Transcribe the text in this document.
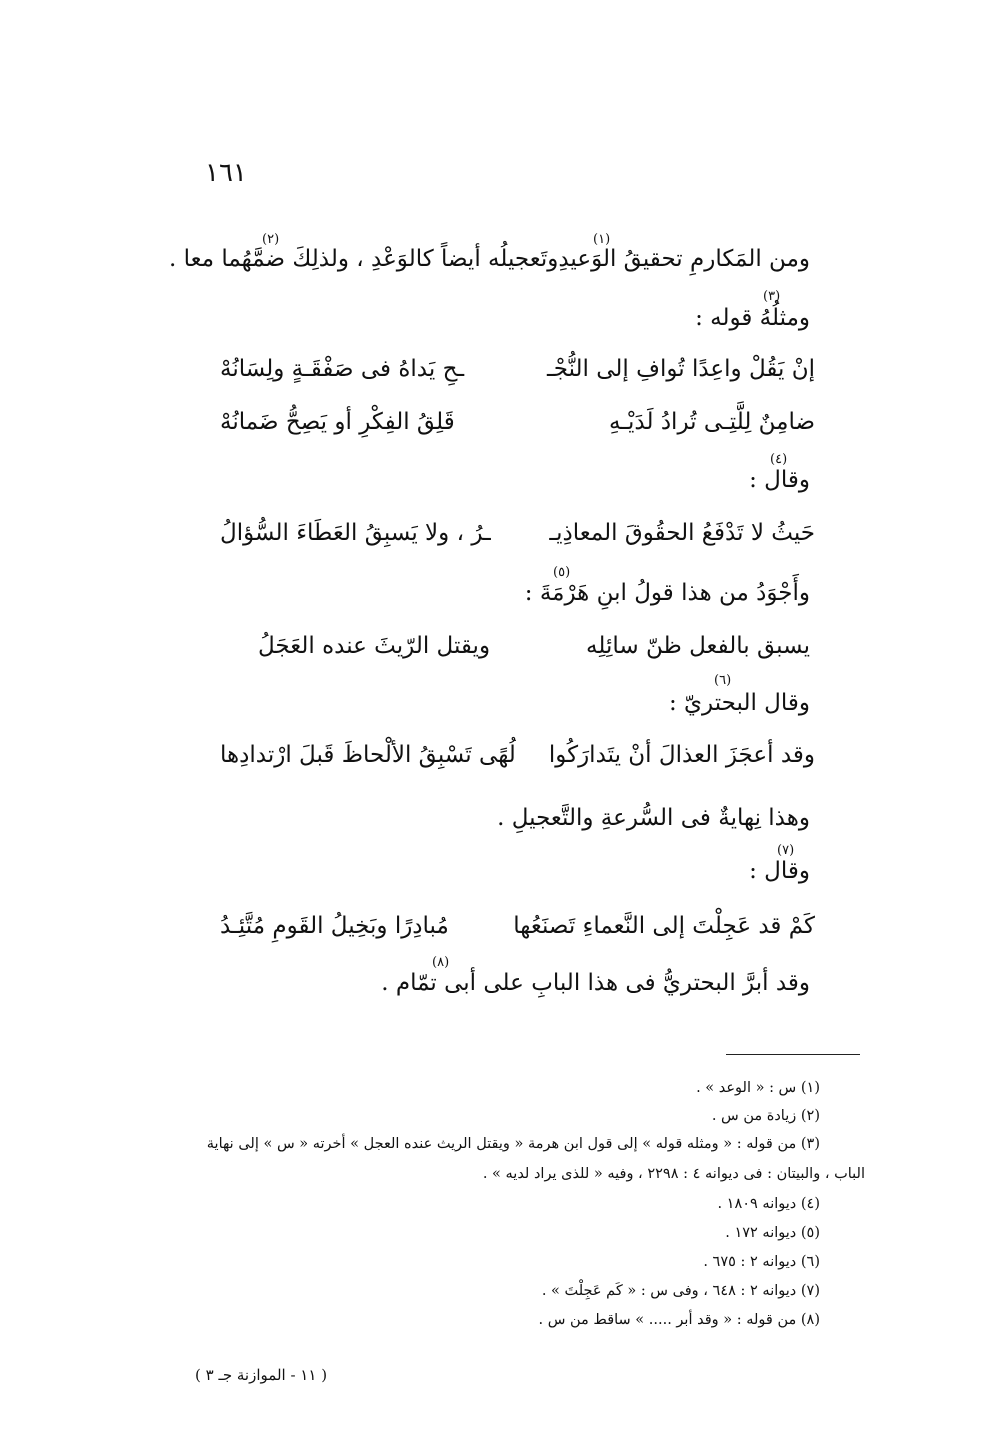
١٦١
(١)
(٢)
ومن المَكارمِ تحقيقُ الوَعيدِوتَعجيلُه أيضاً كالوَعْدِ ، ولذلِكَ ضمَّهُما معا .
(٣)
ومثلُهُ قوله :
إنْ يَقُلْ واعِدًا تُوافِ إلى النُّجْـ
ـحِ يَداهُ فى صَفْقَـةٍ ولِسَانُهْ
ضامِنٌ لِلَّتِـى تُرادُ لَدَيْـهِ
قَلِقُ الفِكْرِ أو يَصِحُّ ضَمانُهْ
(٤)
وقال :
حَيثُ لا تَدْفَعُ الحقُوقَ المعاذِيـ
ـرُ ، ولا يَسبِقُ العَطَاءَ السُّؤالُ
(٥)
وأَجْوَدُ من هذا قولُ ابنِ هَرْمَةَ :
يسبق بالفعل ظنّ سائِلِه
ويقتل الرّيثَ عنده العَجَلُ
(٦)
وقال البحتريّ :
وقد أعجَزَ العذالَ أنْ يتَدارَكُوا
لُهًى تَسْبِقُ الألْحاظَ قَبلَ ارْتدادِها
وهذا نِهايةٌ فى السُّرعةِ والتَّعجيلِ .
(٧)
وقال :
كَمْ قد عَجِلْتَ إلى النَّعماءِ تَصنَعُها
مُبادِرًا وبَخِيلُ القَومِ مُتَّئِـدُ
(٨)
وقد أبرَّ البحتريُّ فى هذا البابِ على أبى تمّام .
(١) س : « الوعد » .
(٢) زيادة من س .
(٣) من قوله : « ومثله قوله » إلى قول ابن هرمة « ويقتل الريث عنده العجل » أخرته « س » إلى نهاية
الباب ، والبيتان : فى ديوانه ٤ : ٢٢٩٨ ، وفيه « للذى يراد لديه » .
(٤) ديوانه ١٨٠٩ .
(٥) ديوانه ١٧٢ .
(٦) ديوانه ٢ : ٦٧٥ .
(٧) ديوانه ٢ : ٦٤٨ ، وفى س : « كَم عَجِلْتَ » .
(٨) من قوله : « وقد أبر ..... » ساقط من س .
( ١١ - الموازنة جـ ٣ )
